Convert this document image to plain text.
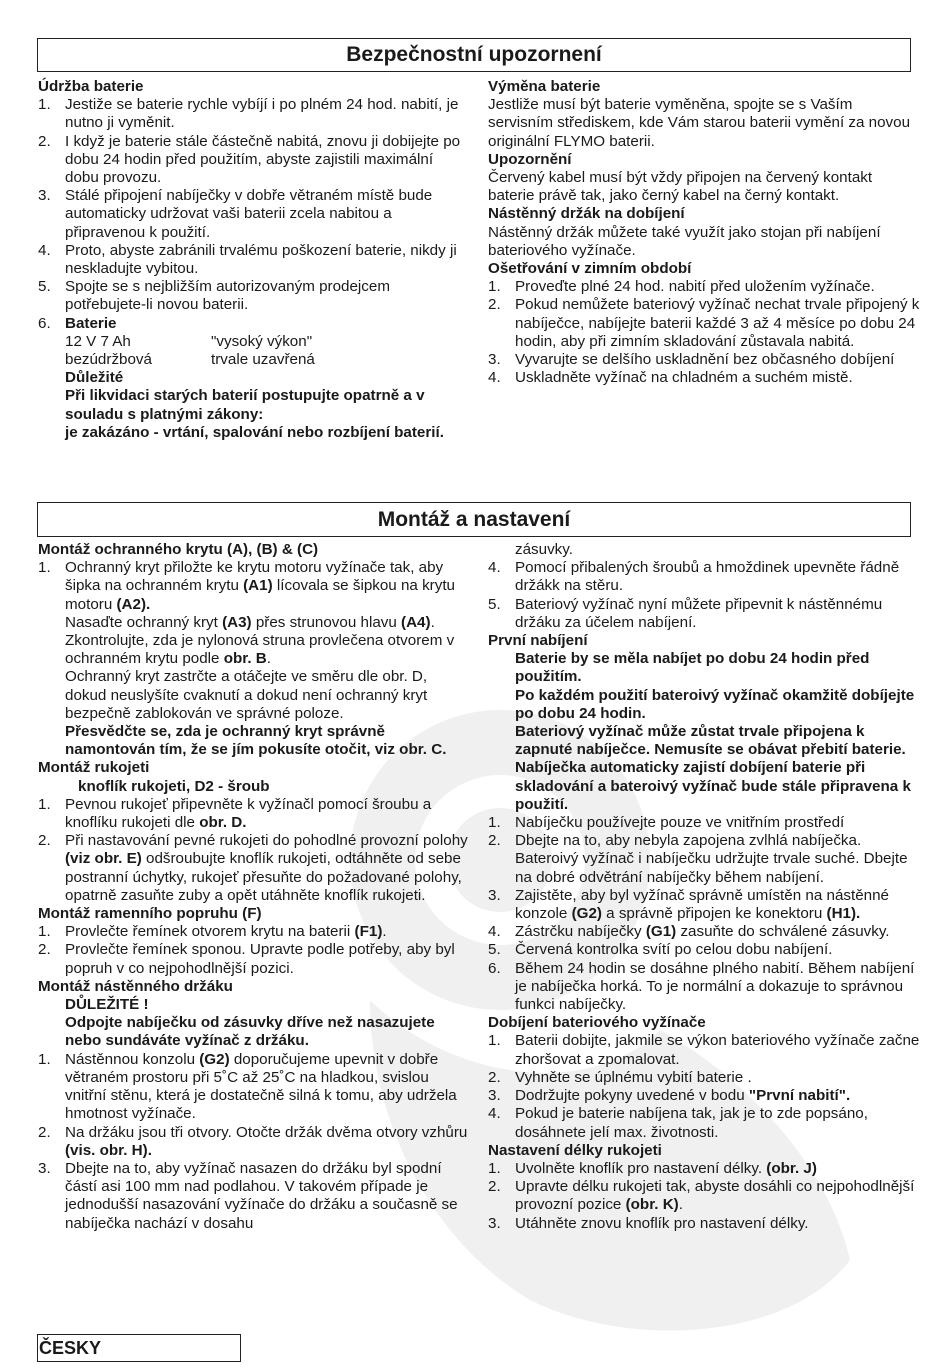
Bezpečnostní upozornení
Údržba baterie
1. Jestiže se baterie rychle vybíjí i po plném 24 hod. nabití, je nutno ji vyměnit.
2. I když je baterie stále částečně nabitá, znovu ji dobijejte po dobu 24 hodin před použitím, abyste zajistili maximální dobu provozu.
3. Stálé připojení nabíječky v dobře větraném místě bude automaticky udržovat vaši baterii zcela nabitou a připravenou k použití.
4. Proto, abyste zabránili trvalému poškození baterie, nikdy ji neskladujte vybitou.
5. Spojte se s nejbližším autorizovaným prodejcem potřebujete-li novou baterii.
6. Baterie
12 V 7 Ah	"vysoký výkon"
bezúdržbová	trvale uzavřená
Důležité
Při likvidaci starých baterií postupujte opatrně a v souladu s platnými zákony:
je zakázáno - vrtání, spalování nebo rozbíjení baterií.
Výměna baterie
Jestliže musí být baterie vyměněna, spojte se s Vaším servisním střediskem, kde Vám starou baterii vymění za novou originální FLYMO baterii.
Upozornění
Červený kabel musí být vždy připojen na červený kontakt baterie právě tak, jako černý kabel na černý kontakt.
Nástěnný držák na dobíjení
Nástěnný držák můžete také využít jako stojan při nabíjení bateriového vyžínače.
Ošetřování v zimním období
1. Proveďte plné 24 hod. nabití před uložením vyžínače.
2. Pokud nemůžete bateriový vyžínač nechat trvale připojený k nabíječce, nabíjejte baterii každé 3 až 4 měsíce po dobu 24 hodin, aby při zimním skladování zůstavala nabitá.
3. Vyvarujte se delšího uskladnění bez občasného dobíjení
4. Uskladněte vyžínač na chladném a suchém mistě.
Montáž a nastavení
Montáž ochranného krytu (A), (B) & (C)
1. Ochranný kryt přiložte ke krytu motoru vyžínače tak, aby šipka na ochranném krytu (A1) lícovala se šipkou na krytu motoru (A2).
Nasaďte ochranný kryt (A3) přes strunovou hlavu (A4). Zkontrolujte, zda je nylonová struna provlečena otvorem v ochranném krytu podle obr. B.
Ochranný kryt zastrčte a otáčejte ve směru dle obr. D, dokud neuslyšíte cvaknutí a dokud není ochranný kryt bezpečně zablokován ve správné poloze.
Přesvědčte se, zda je ochranný kryt správně namontován tím, že se jím pokusíte otočit, viz obr. C.
Montáž rukojeti
knoflík rukojeti, D2 - šroub
1. Pevnou rukojeť připevněte k vyžínačl pomocí šroubu a knoflíku rukojeti dle obr. D.
2. Při nastavování pevné rukojeti do pohodlné provozní polohy (viz obr. E) odšroubujte knoflík rukojeti, odtáhněte od sebe postranní úchytky, rukojeť přesuňte do požadované polohy, opatrně zasuňte zuby a opět utáhněte knoflík rukojeti.
Montáž ramenního popruhu (F)
1. Provlečte řemínek otvorem krytu na baterii (F1).
2. Provlečte řemínek sponou. Upravte podle potřeby, aby byl popruh v co nejpohodlnější pozici.
Montáž nástěnného držáku
DŮLEŽITÉ !
Odpojte nabíječku od zásuvky dříve než nasazujete nebo sundáváte vyžínač z držáku.
1. Nástěnnou konzolu (G2) doporučujeme upevnit v dobře větraném prostoru při 5˚C až 25˚C na hladkou, svislou vnitřní stěnu, která je dostatečně silná k tomu, aby udržela hmotnost vyžínače.
2. Na držáku jsou tři otvory. Otočte držák dvěma otvory vzhůru (vis. obr. H).
3. Dbejte na to, aby vyžínač nasazen do držáku byl spodní částí asi 100 mm nad podlahou. V takovém případe je jednodušší nasazování vyžínače do držáku a současně se nabíječka nachází v dosahu
zásuvky.
4. Pomocí přibalených šroubů a hmoždinek upevněte řádně držákk na stěru.
5. Bateriový vyžínač nyní můžete připevnit k nástěnnému držáku za účelem nabíjení.
První nabíjení
Baterie by se měla nabíjet po dobu 24 hodin před použitím.
Po každém použití bateroivý vyžínač okamžitě dobíjejte po dobu 24 hodin.
Bateriový vyžínač může zůstat trvale připojena k zapnuté nabíječce. Nemusíte se obávat přebití baterie.
Nabíječka automaticky zajistí dobíjení baterie při skladování a bateroivý vyžínač bude stále připravena k použití.
1. Nabíječku používejte pouze ve vnitřním prostředí
2. Dbejte na to, aby nebyla zapojena zvlhlá nabíječka. Bateroivý vyžínač i nabíječku udržujte trvale suché. Dbejte na dobré odvětrání nabíječky během nabíjení.
3. Zajistěte, aby byl vyžínač správně umístěn na nástěnné konzole (G2) a správně připojen ke konektoru (H1).
4. Zástrčku nabíječky (G1) zasuňte do schválené zásuvky.
5. Červená kontrolka svítí po celou dobu nabíjení.
6. Během 24 hodin se dosáhne plného nabití. Během nabíjení je nabíječka horká. To je normální a dokazuje to správnou funkci nabíječky.
Dobíjení bateriového vyžínače
1. Baterii dobijte, jakmile se výkon bateriového vyžínače začne zhoršovat a zpomalovat.
2. Vyhněte se úplnému vybití baterie .
3. Dodržujte pokyny uvedené v bodu "První nabití".
4. Pokud je baterie nabíjena tak, jak je to zde popsáno, dosáhnete jelí max. životnosti.
Nastavení délky rukojeti
1. Uvolněte knoflík pro nastavení délky. (obr. J)
2. Upravte délku rukojeti tak, abyste dosáhli co nejpohodlnější provozní pozice (obr. K).
3. Utáhněte znovu knoflík pro nastavení délky.
ČESKY
